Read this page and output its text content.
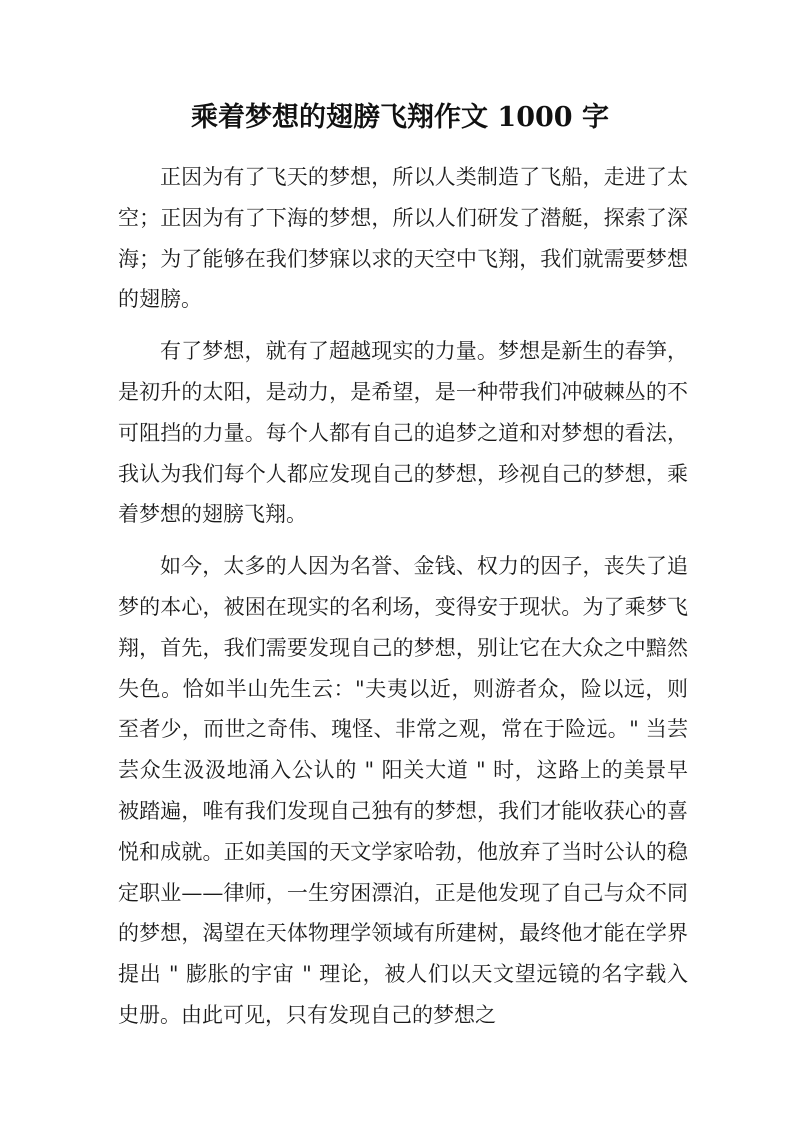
乘着梦想的翅膀飞翔作文 1000 字

正因为有了飞天的梦想，所以人类制造了飞船，走进了太空；正因为有了下海的梦想，所以人们研发了潜艇，探索了深海；为了能够在我们梦寐以求的天空中飞翔，我们就需要梦想的翅膀。

有了梦想，就有了超越现实的力量。梦想是新生的春笋，是初升的太阳，是动力，是希望，是一种带我们冲破棘丛的不可阻挡的力量。每个人都有自己的追梦之道和对梦想的看法，我认为我们每个人都应发现自己的梦想，珍视自己的梦想，乘着梦想的翅膀飞翔。

如今，太多的人因为名誉、金钱、权力的因子，丧失了追梦的本心，被困在现实的名利场，变得安于现状。为了乘梦飞翔，首先，我们需要发现自己的梦想，别让它在大众之中黯然失色。恰如半山先生云："夫夷以近，则游者众，险以远，则至者少，而世之奇伟、瑰怪、非常之观，常在于险远。" 当芸芸众生汲汲地涌入公认的 " 阳关大道 " 时，这路上的美景早被踏遍，唯有我们发现自己独有的梦想，我们才能收获心的喜悦和成就。正如美国的天文学家哈勃，他放弃了当时公认的稳定职业——律师，一生穷困漂泊，正是他发现了自己与众不同的梦想，渴望在天体物理学领域有所建树，最终他才能在学界提出 " 膨胀的宇宙 " 理论，被人们以天文望远镜的名字载入史册。由此可见，只有发现自己的梦想之
